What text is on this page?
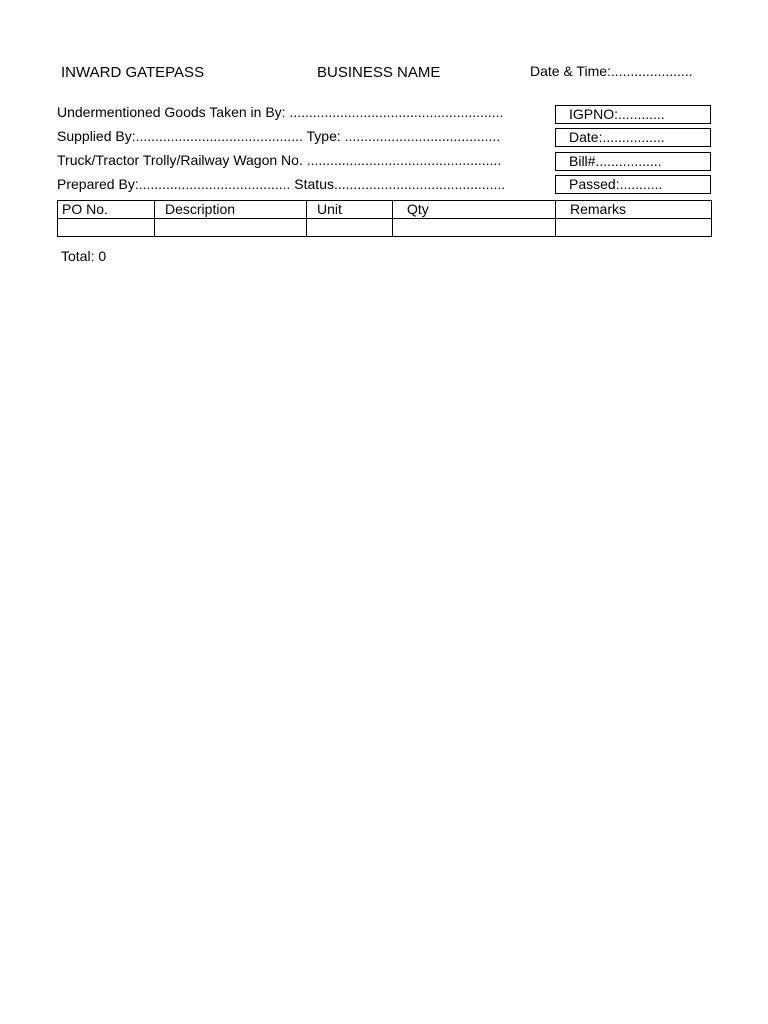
INWARD GATEPASS	BUSINESS NAME	Date & Time:.....................
Undermentioned Goods Taken in By: .......................................................
Supplied By:........................................... Type: ........................................
Truck/Tractor Trolly/Railway Wagon No. ..................................................
Prepared By:....................................... Status............................................
IGPNO:............
Date:................
Bill#.................
Passed:...........
PO No.	Description	Unit	Qty	Remarks

Total: 0
